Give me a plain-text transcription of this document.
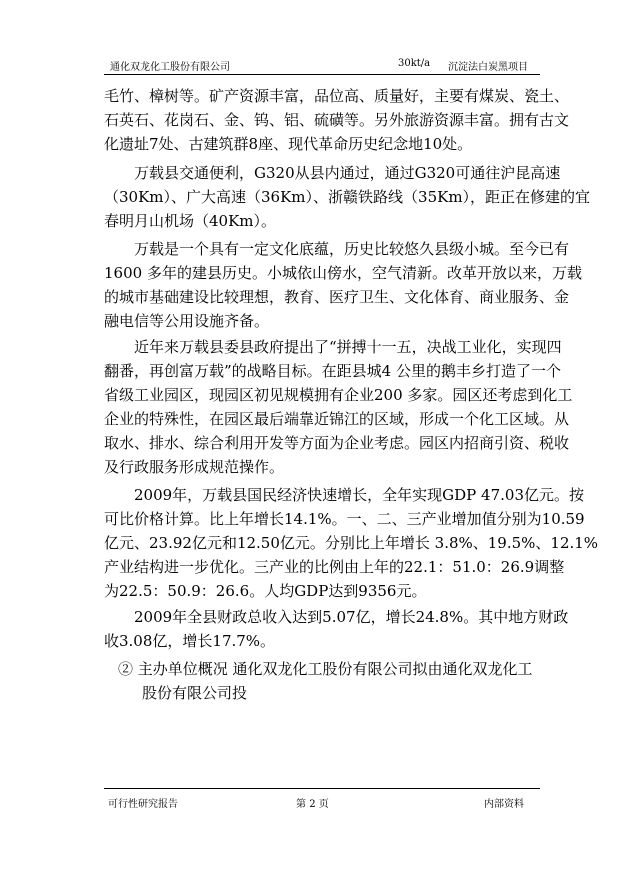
通化双龙化工股份有限公司	30kt/a 沉淀法白炭黑项目
毛竹、樟树等。矿产资源丰富，品位高、质量好，主要有煤炭、瓷土、
石英石、花岗石、金、钨、铝、硫磺等。另外旅游资源丰富。拥有古文
化遗址7处、古建筑群8座、现代革命历史纪念地10处。
万载县交通便利，G320从县内通过，通过G320可通往沪昆高速
（30Km）、广大高速（36Km）、浙赣铁路线（35Km），距正在修建的宜
春明月山机场（40Km）。
万载是一个具有一定文化底蕴，历史比较悠久县级小城。至今已有
1600 多年的建县历史。小城依山傍水，空气清新。改革开放以来，万载
的城市基础建设比较理想，教育、医疗卫生、文化体育、商业服务、金
融电信等公用设施齐备。
近年来万载县委县政府提出了“拼搏十一五，决战工业化，实现四
翻番，再创富万载”的战略目标。在距县城4 公里的鹅丰乡打造了一个
省级工业园区，现园区初见规模拥有企业200 多家。园区还考虑到化工
企业的特殊性，在园区最后端靠近锦江的区域，形成一个化工区域。从
取水、排水、综合利用开发等方面为企业考虑。园区内招商引资、税收
及行政服务形成规范操作。
2009年，万载县国民经济快速增长，全年实现GDP 47.03亿元。按
可比价格计算。比上年增长14.1%。一、二、三产业增加值分别为10.59
亿元、23.92亿元和12.50亿元。分别比上年增长 3.8%、19.5%、12.1%
产业结构进一步优化。三产业的比例由上年的22.1：51.0：26.9调整
为22.5：50.9：26.6。人均GDP达到9356元。
2009年全县财政总收入达到5.07亿，增长24.8%。其中地方财政
收3.08亿，增长17.7%。
② 主办单位概况 通化双龙化工股份有限公司拟由通化双龙化工
股份有限公司投
可行性研究报告	第 2 页	内部资料
